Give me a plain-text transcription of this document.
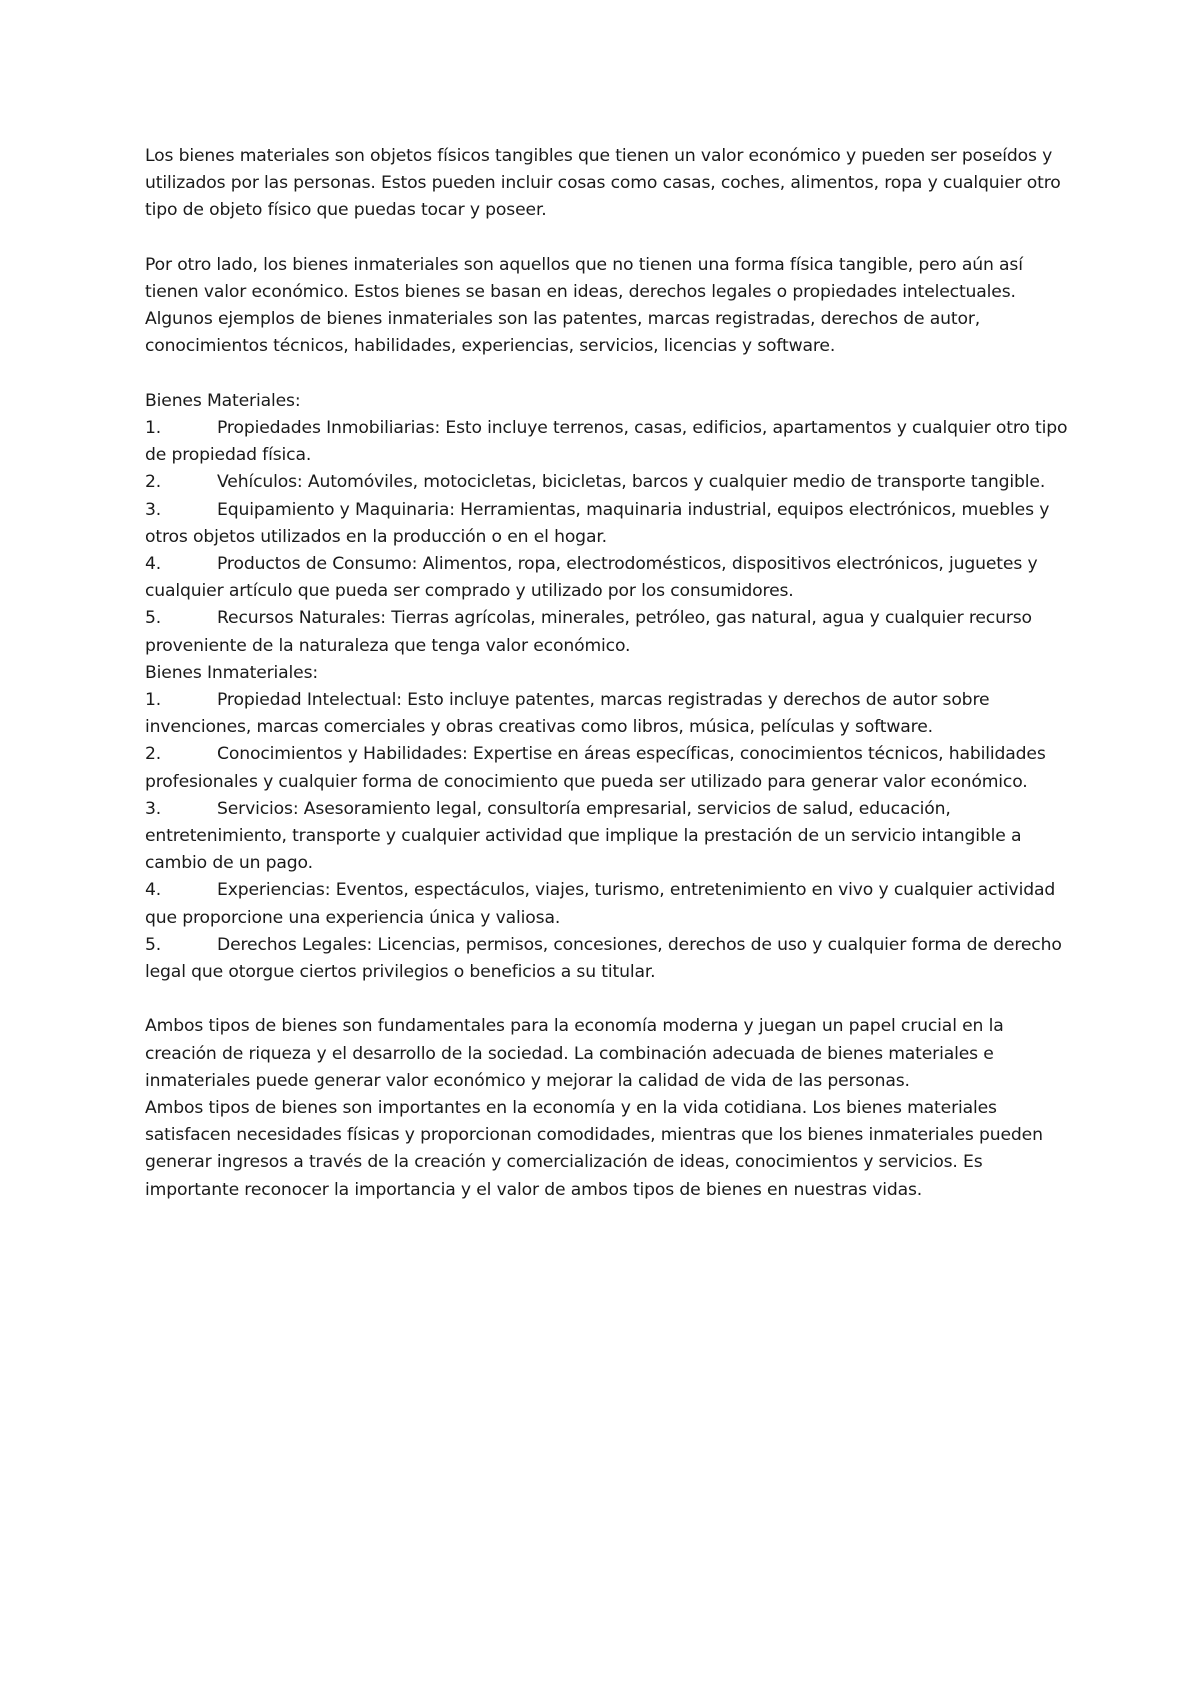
Los bienes materiales son objetos físicos tangibles que tienen un valor económico y pueden ser poseídos y utilizados por las personas. Estos pueden incluir cosas como casas, coches, alimentos, ropa y cualquier otro tipo de objeto físico que puedas tocar y poseer.

Por otro lado, los bienes inmateriales son aquellos que no tienen una forma física tangible, pero aún así tienen valor económico. Estos bienes se basan en ideas, derechos legales o propiedades intelectuales. Algunos ejemplos de bienes inmateriales son las patentes, marcas registradas, derechos de autor, conocimientos técnicos, habilidades, experiencias, servicios, licencias y software.

Bienes Materiales:

1.	Propiedades Inmobiliarias: Esto incluye terrenos, casas, edificios, apartamentos y cualquier otro tipo de propiedad física.

2.	Vehículos: Automóviles, motocicletas, bicicletas, barcos y cualquier medio de transporte tangible.

3.	Equipamiento y Maquinaria: Herramientas, maquinaria industrial, equipos electrónicos, muebles y otros objetos utilizados en la producción o en el hogar.

4.	Productos de Consumo: Alimentos, ropa, electrodomésticos, dispositivos electrónicos, juguetes y cualquier artículo que pueda ser comprado y utilizado por los consumidores.

5.	Recursos Naturales: Tierras agrícolas, minerales, petróleo, gas natural, agua y cualquier recurso proveniente de la naturaleza que tenga valor económico.

Bienes Inmateriales:

1.	Propiedad Intelectual: Esto incluye patentes, marcas registradas y derechos de autor sobre invenciones, marcas comerciales y obras creativas como libros, música, películas y software.

2.	Conocimientos y Habilidades: Expertise en áreas específicas, conocimientos técnicos, habilidades profesionales y cualquier forma de conocimiento que pueda ser utilizado para generar valor económico.

3.	Servicios: Asesoramiento legal, consultoría empresarial, servicios de salud, educación, entretenimiento, transporte y cualquier actividad que implique la prestación de un servicio intangible a cambio de un pago.

4.	Experiencias: Eventos, espectáculos, viajes, turismo, entretenimiento en vivo y cualquier actividad que proporcione una experiencia única y valiosa.

5.	Derechos Legales: Licencias, permisos, concesiones, derechos de uso y cualquier forma de derecho legal que otorgue ciertos privilegios o beneficios a su titular.

Ambos tipos de bienes son fundamentales para la economía moderna y juegan un papel crucial en la creación de riqueza y el desarrollo de la sociedad. La combinación adecuada de bienes materiales e inmateriales puede generar valor económico y mejorar la calidad de vida de las personas.

Ambos tipos de bienes son importantes en la economía y en la vida cotidiana. Los bienes materiales satisfacen necesidades físicas y proporcionan comodidades, mientras que los bienes inmateriales pueden generar ingresos a través de la creación y comercialización de ideas, conocimientos y servicios. Es importante reconocer la importancia y el valor de ambos tipos de bienes en nuestras vidas.
